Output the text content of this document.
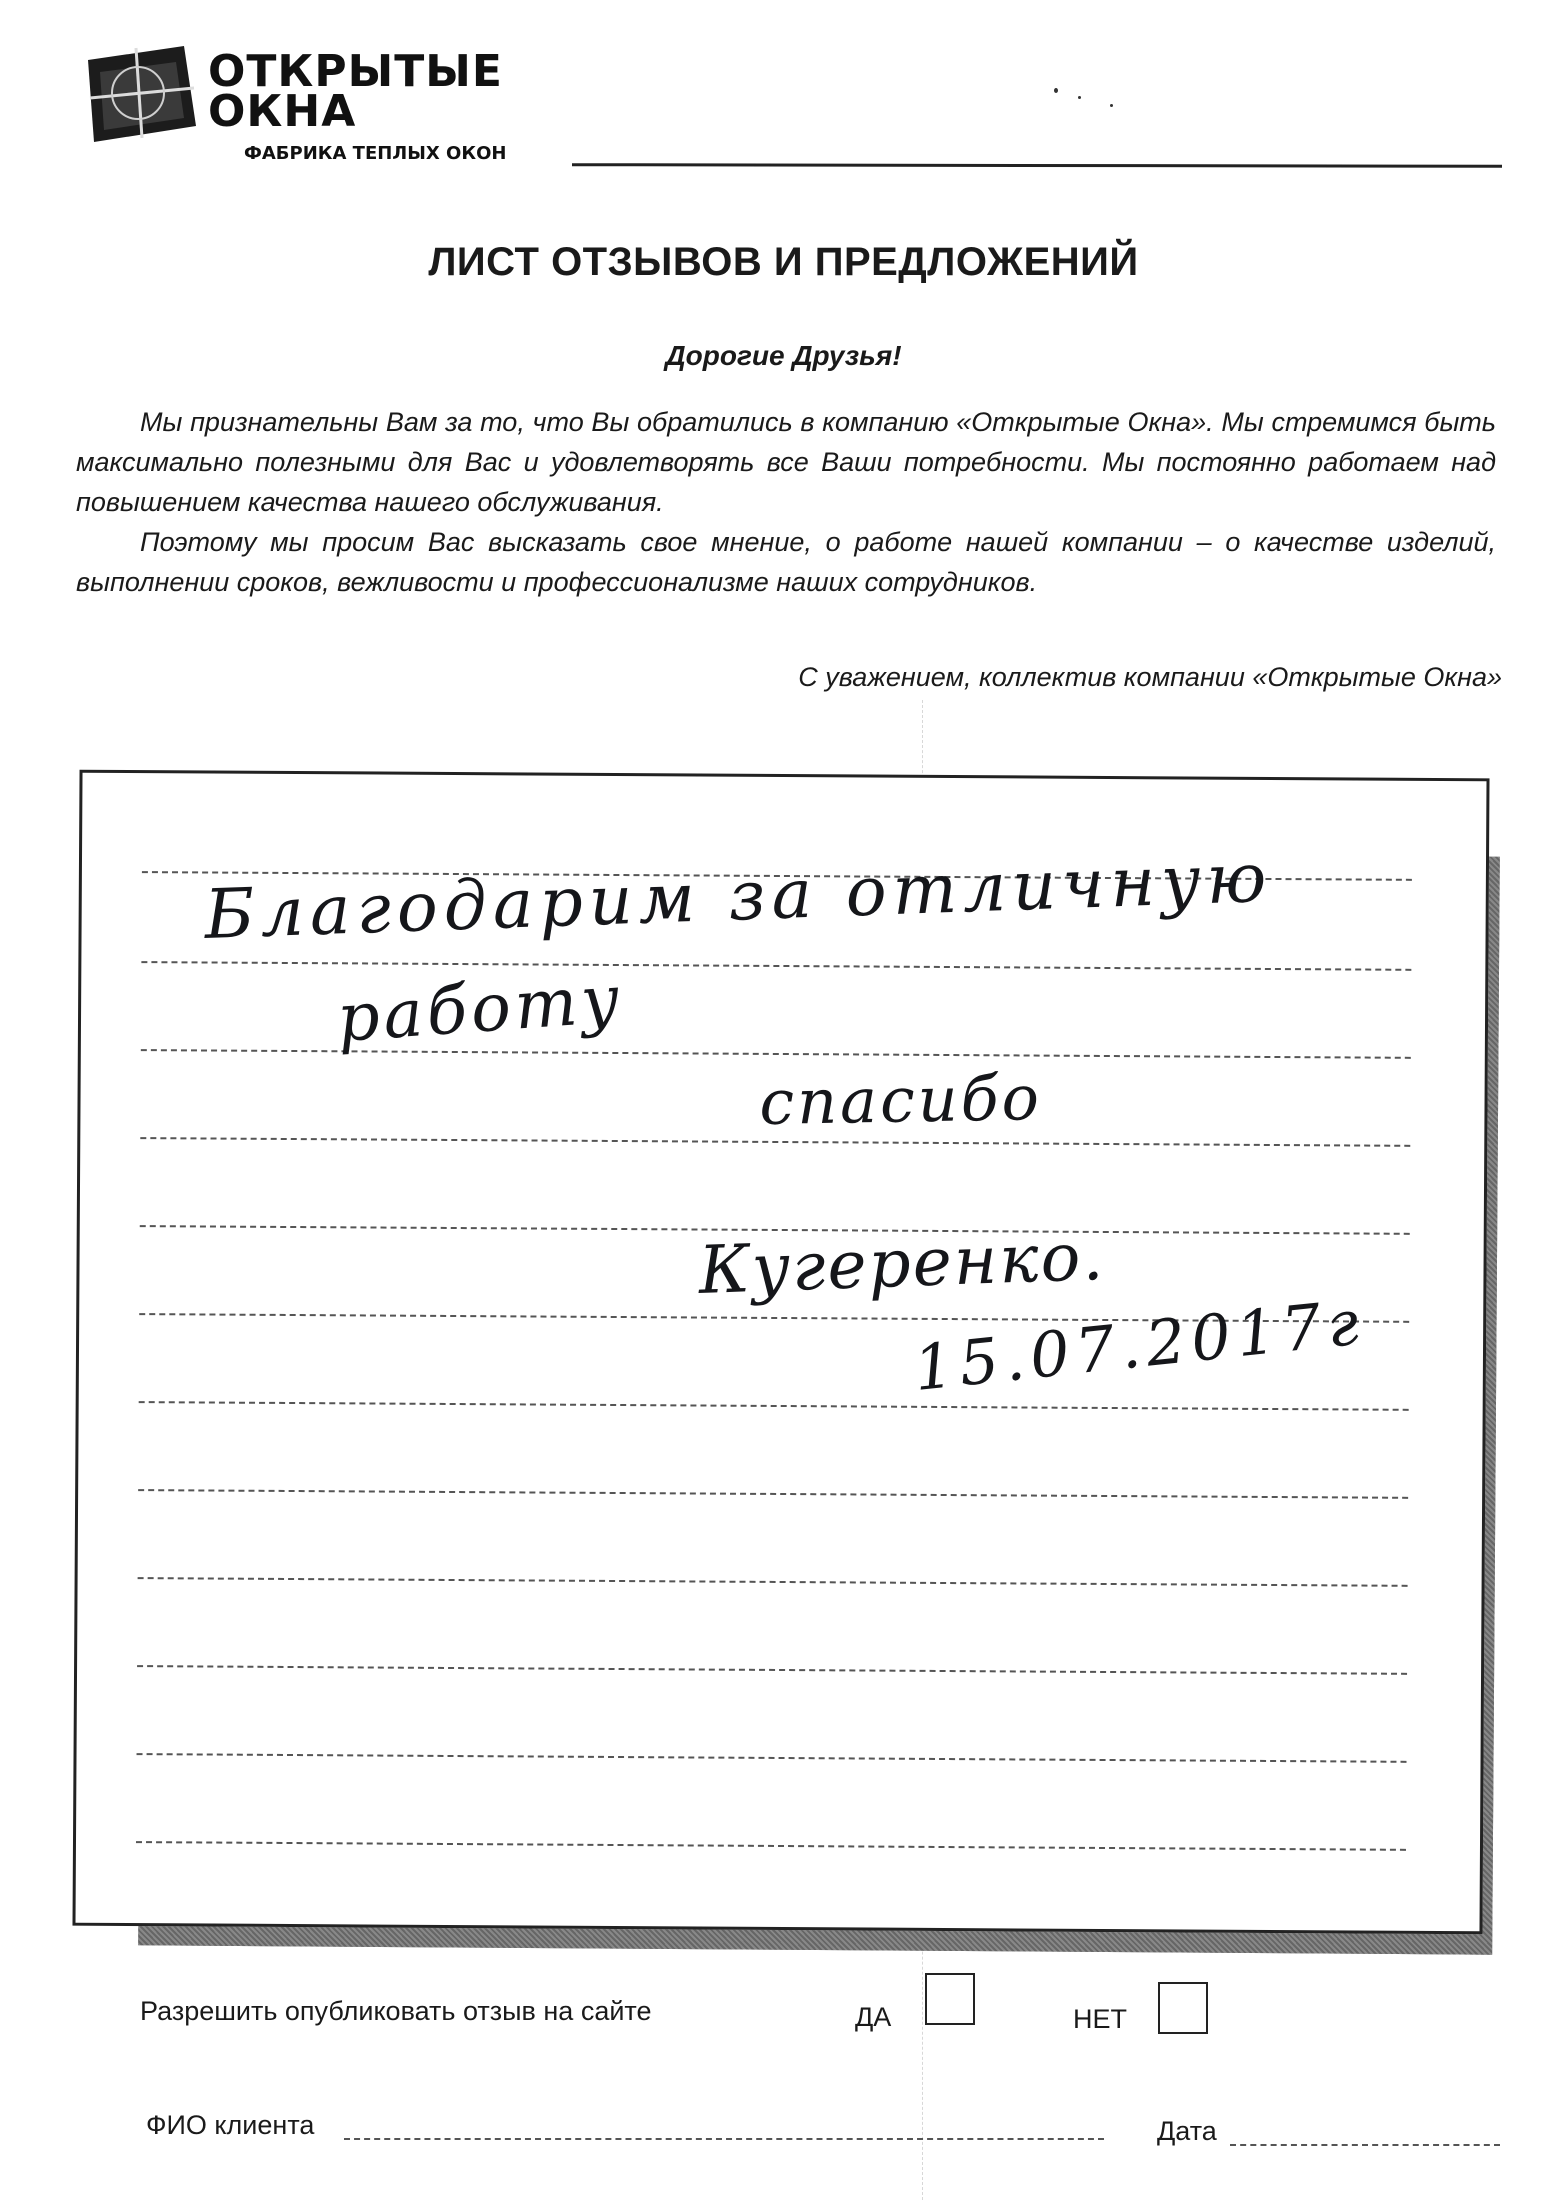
ОТКРЫТЫЕ
ОКНА
ФАБРИКА ТЕПЛЫХ ОКОН
ЛИСТ ОТЗЫВОВ И ПРЕДЛОЖЕНИЙ
Дорогие Друзья!

Мы признательны Вам за то, что Вы обратились в компанию «Открытые Окна». Мы стремимся быть максимально полезными для Вас и удовлетворять все Ваши потребности. Мы постоянно работаем над повышением качества нашего обслуживания.

Поэтому мы просим Вас высказать свое мнение, о работе нашей компании – о качестве изделий, выполнении сроков, вежливости и профессионализме наших сотрудников.

С уважением, коллектив компании «Открытые Окна»
Благодарим за отличную
работу
спасибо
Кугеренко.
15.07.2017г
Разрешить опубликовать отзыв на сайте	ДА	НЕТ
ФИО клиента	Дата
